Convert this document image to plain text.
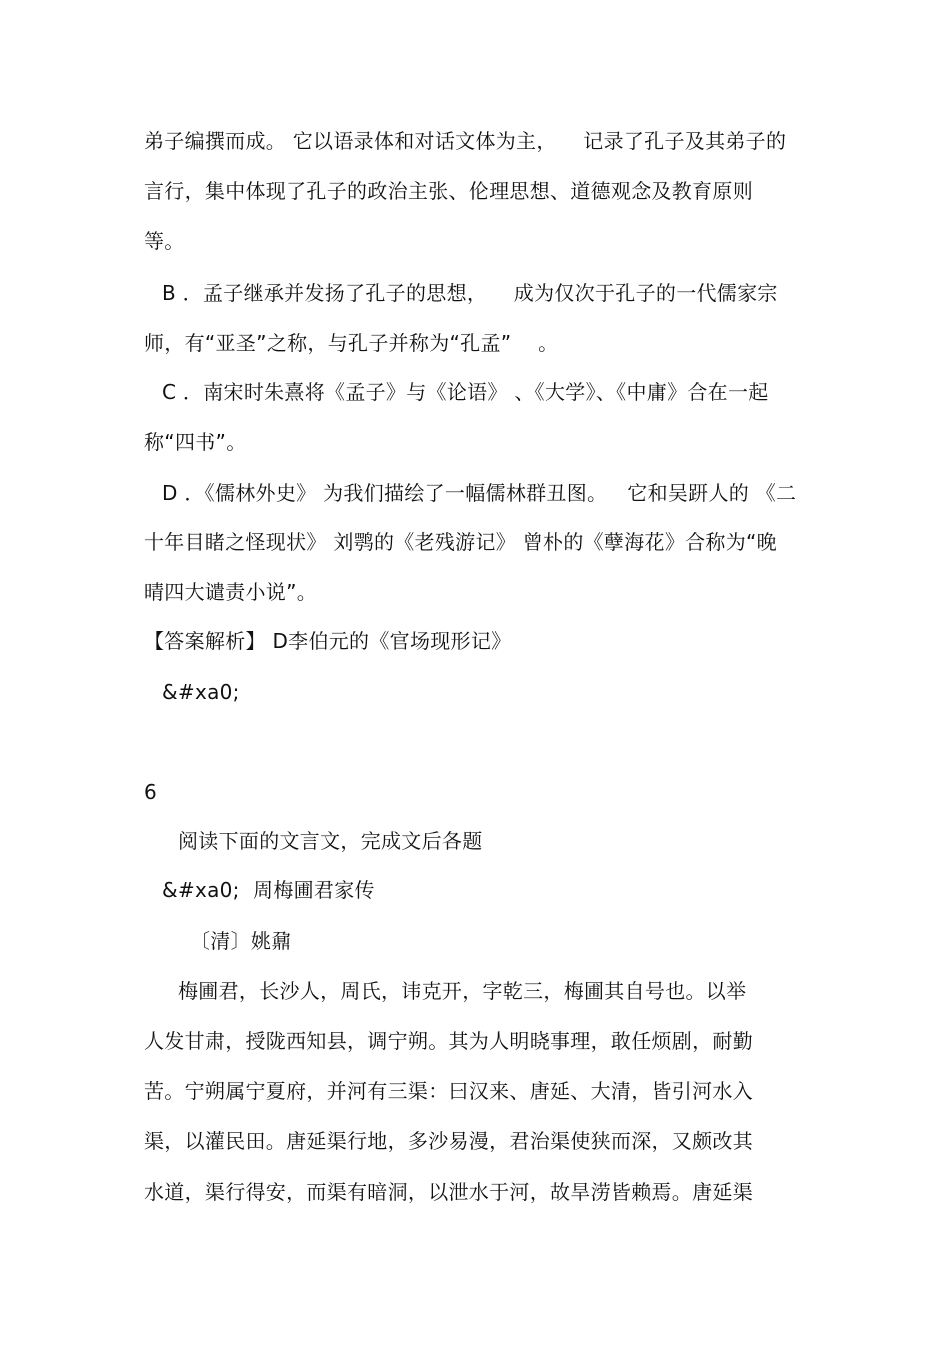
弟子编撰而成。 它以语录体和对话文体为主，    记录了孔子及其弟子的
言行，集中体现了孔子的政治主张、伦理思想、道德观念及教育原则
等。
B ．孟子继承并发扬了孔子的思想，    成为仅次于孔子的一代儒家宗
师，有“亚圣”之称，与孔子并称为“孔孟”    。
C ．南宋时朱熹将《孟子》与《论语》 、《大学》、《中庸》合在一起
称“四书”。
D ．《儒林外史》 为我们描绘了一幅儒林群丑图。   它和吴趼人的 《二
十年目睹之怪现状》 刘鹗的《老残游记》 曾朴的《孽海花》合称为“晚
晴四大谴责小说”。
【答案解析】 D李伯元的《官场现形记》
&#xa0;
6
阅读下面的文言文，完成文后各题
&#xa0;  周梅圃君家传
〔清〕姚鼐
梅圃君，长沙人，周氏，讳克开，字乾三，梅圃其自号也。以举
人发甘肃，授陇西知县，调宁朔。其为人明晓事理，敢任烦剧，耐勤
苦。宁朔属宁夏府，并河有三渠：曰汉来、唐延、大清，皆引河水入
渠，以灌民田。唐延渠行地，多沙易漫，君治渠使狭而深，又颇改其
水道，渠行得安，而渠有暗洞，以泄水于河，故旱涝皆赖焉。唐延渠
